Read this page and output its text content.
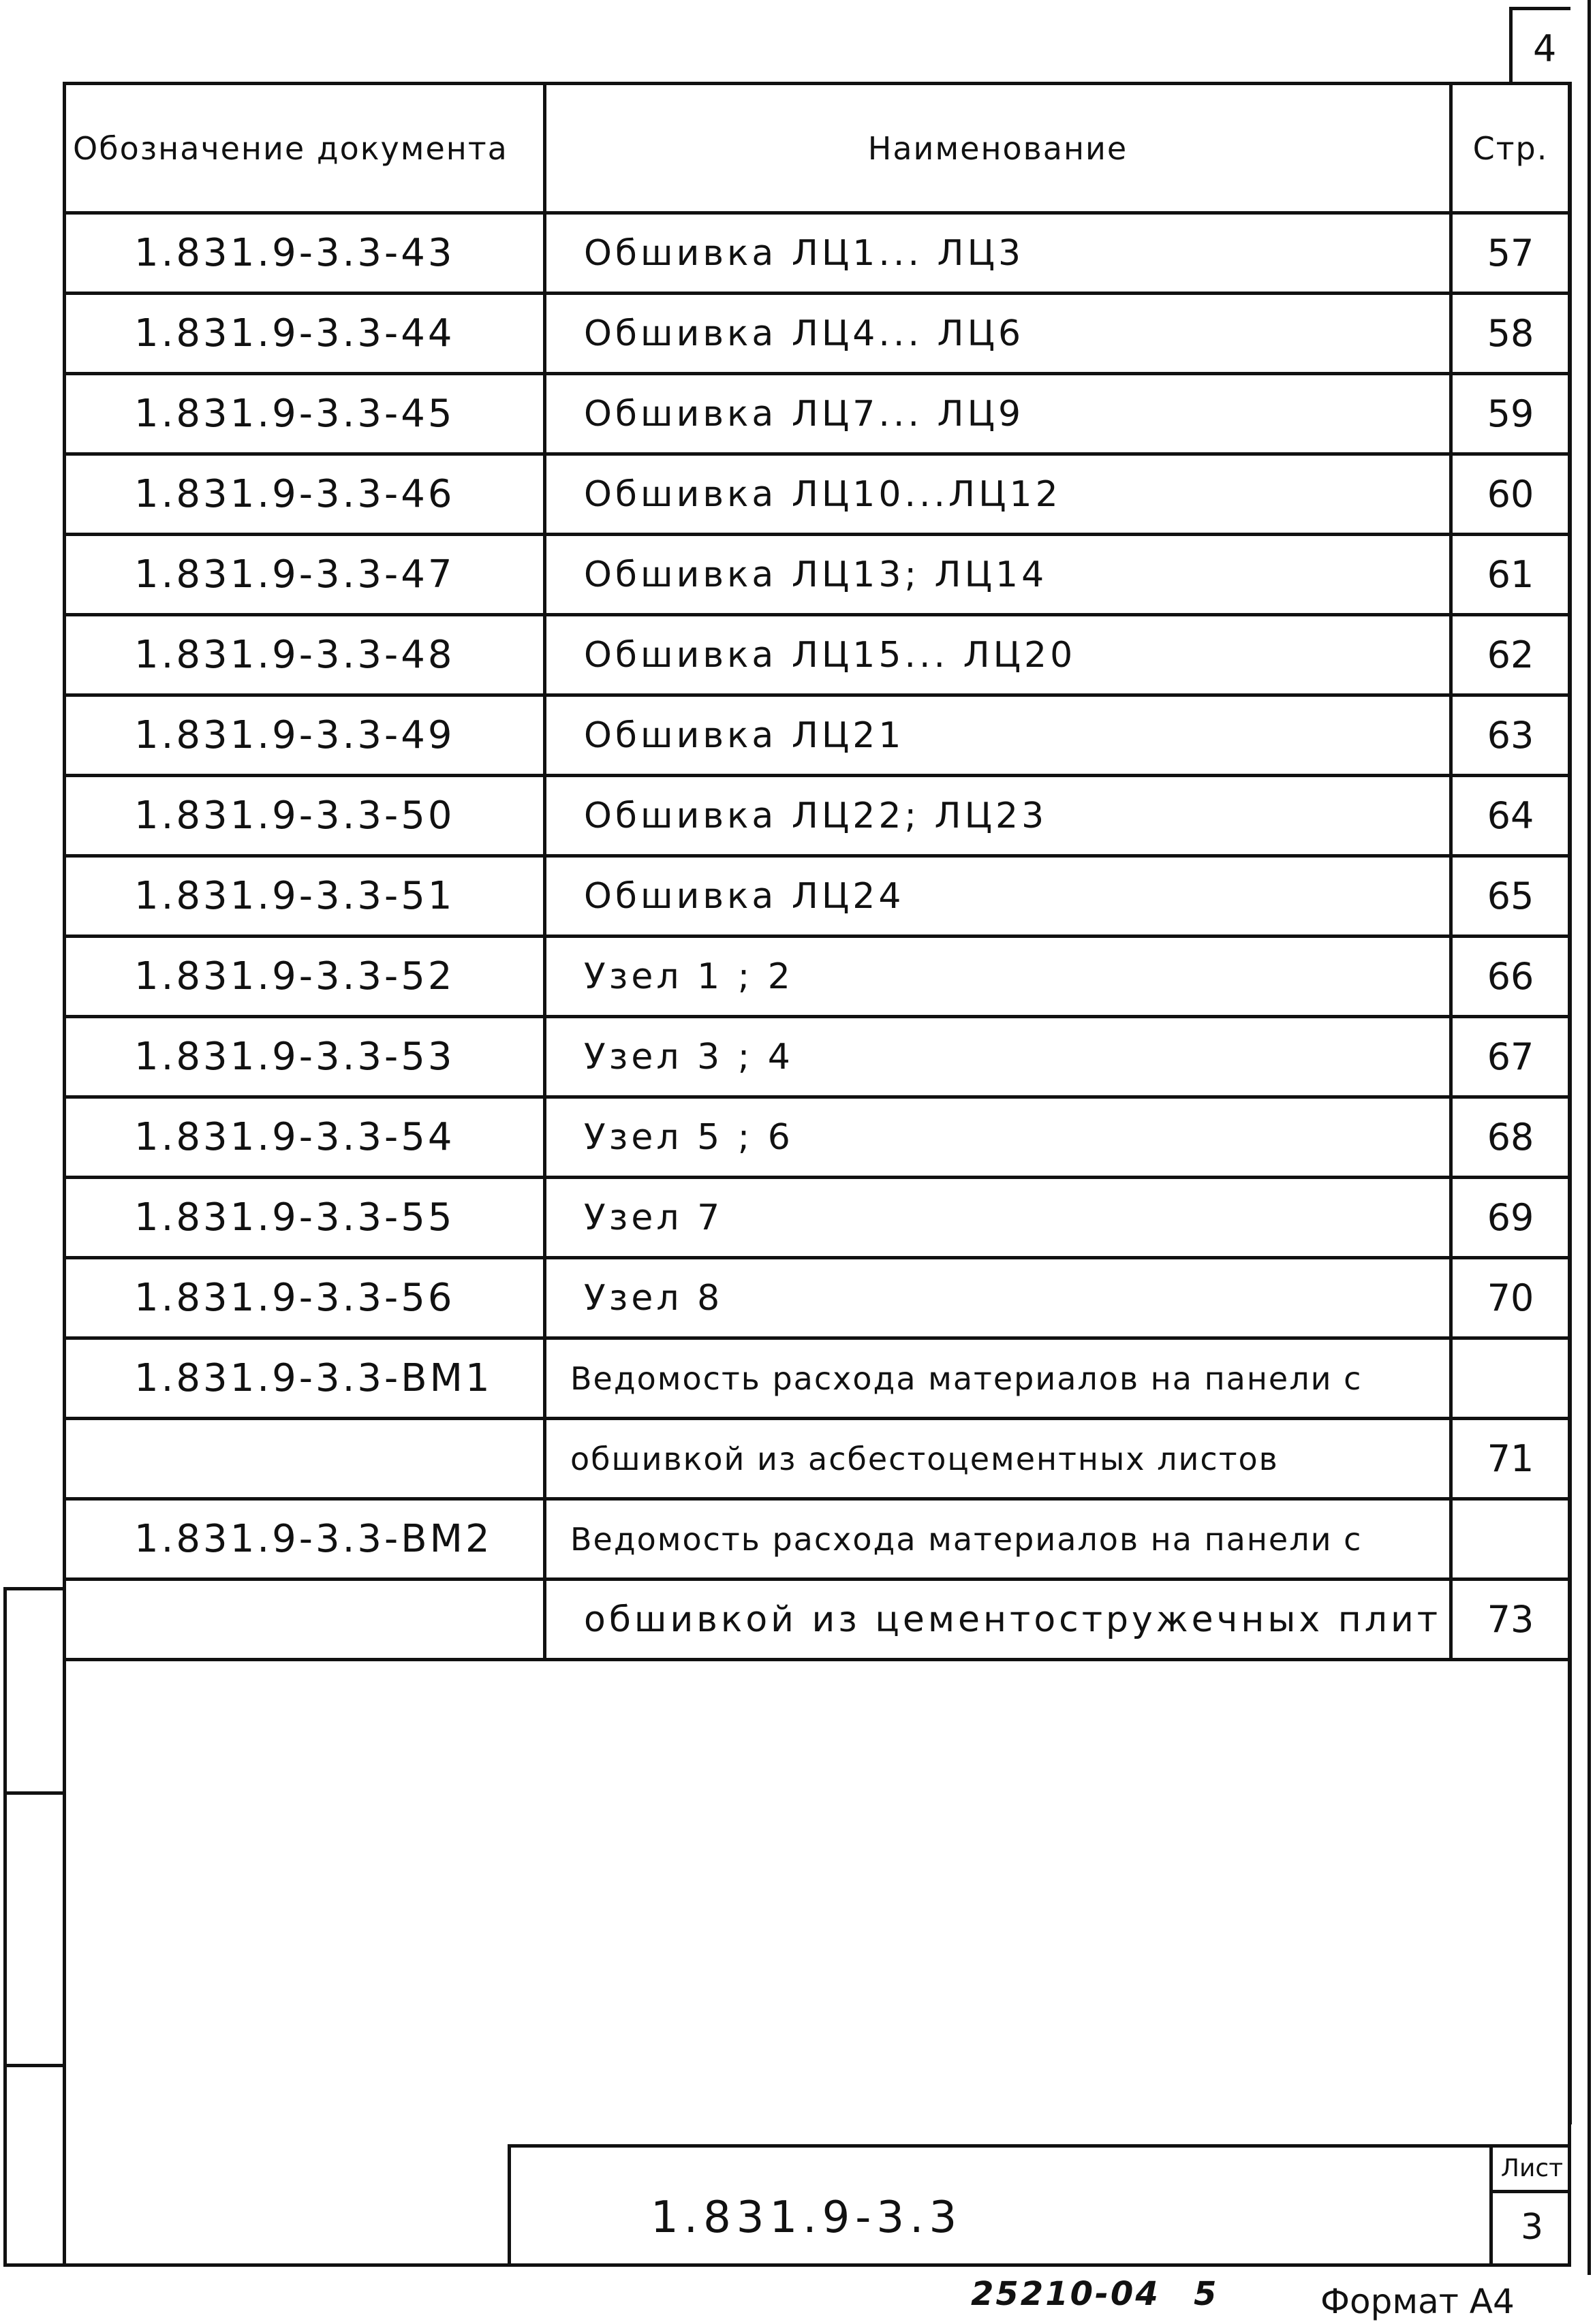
4
Обозначение документа	Наименование	Стр.
1.831.9-3.3-43	Обшивка ЛЦ1... ЛЦ3	57
1.831.9-3.3-44	Обшивка ЛЦ4... ЛЦ6	58
1.831.9-3.3-45	Обшивка ЛЦ7... ЛЦ9	59
1.831.9-3.3-46	Обшивка ЛЦ10...ЛЦ12	60
1.831.9-3.3-47	Обшивка ЛЦ13; ЛЦ14	61
1.831.9-3.3-48	Обшивка ЛЦ15... ЛЦ20	62
1.831.9-3.3-49	Обшивка ЛЦ21	63
1.831.9-3.3-50	Обшивка ЛЦ22; ЛЦ23	64
1.831.9-3.3-51	Обшивка ЛЦ24	65
1.831.9-3.3-52	Узел 1 ; 2	66
1.831.9-3.3-53	Узел 3 ; 4	67
1.831.9-3.3-54	Узел 5 ; 6	68
1.831.9-3.3-55	Узел 7	69
1.831.9-3.3-56	Узел 8	70
1.831.9-3.3-ВМ1	Ведомость расхода материалов на панели с	
	обшивкой из асбестоцементных листов	71
1.831.9-3.3-ВМ2	Ведомость расхода материалов на панели с	
	обшивкой из цементостружечных плит	73

1.831.9-3.3
Лист
3
25210-04 5	Формат А4
